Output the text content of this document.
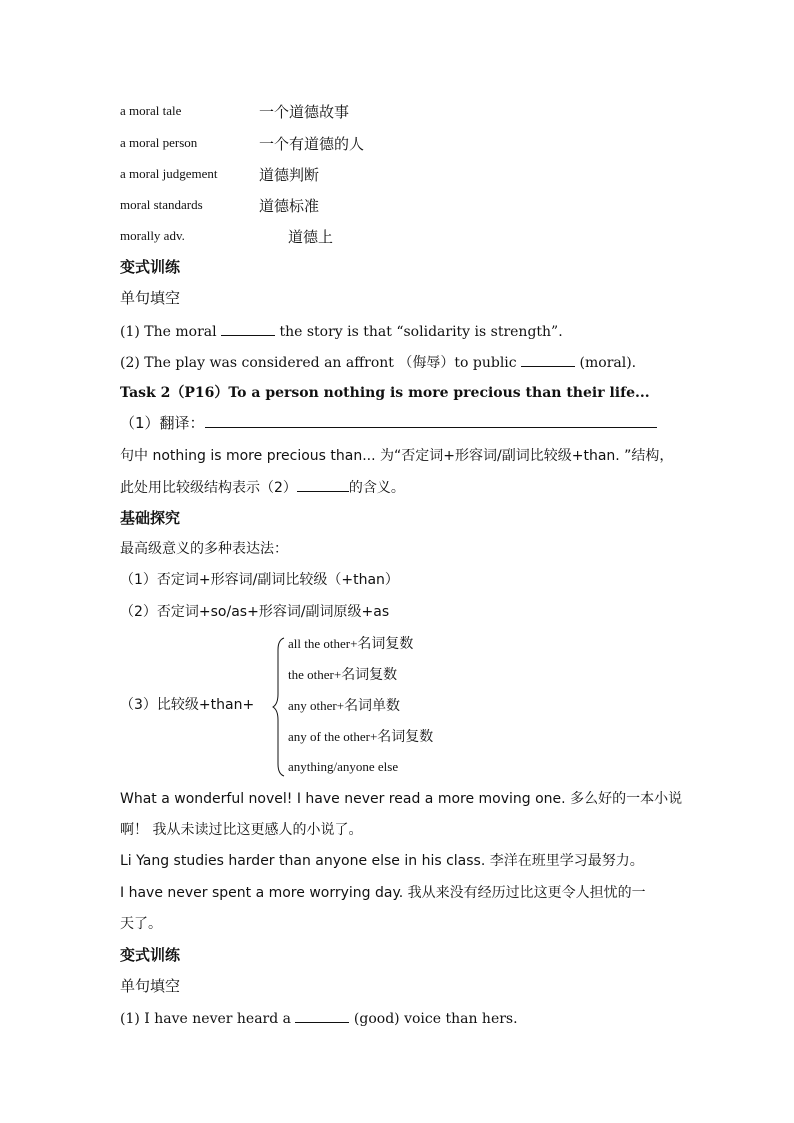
a moral tale	一个道德故事
a moral person	一个有道德的人
a moral judgement	道德判断
moral standards	道德标准
morally adv.	道德上
变式训练
单句填空
(1) The moral	the story is that “solidarity is strength”.
(2) The play was considered an affront （侮辱）to public	(moral).
Task 2（P16）To a person nothing is more precious than their life...
（1）翻译：
句中 nothing is more precious than... 为“否定词+形容词/副词比较级+than. ”结构，
此处用比较级结构表示（2）	的含义。
基础探究
最高级意义的多种表达法：
（1）否定词+形容词/副词比较级（+than）
（2）否定词+so/as+形容词/副词原级+as
（3）比较级+than+
all the other+名词复数
the other+名词复数
any other+名词单数
any of the other+名词复数
anything/anyone else
What a wonderful novel! I have never read a more moving one. 多么好的一本小说
啊！ 我从未读过比这更感人的小说了。
Li Yang studies harder than anyone else in his class. 李洋在班里学习最努力。
I have never spent a more worrying day. 我从来没有经历过比这更令人担忧的一
天了。
变式训练
单句填空
(1) I have never heard a	(good) voice than hers.
